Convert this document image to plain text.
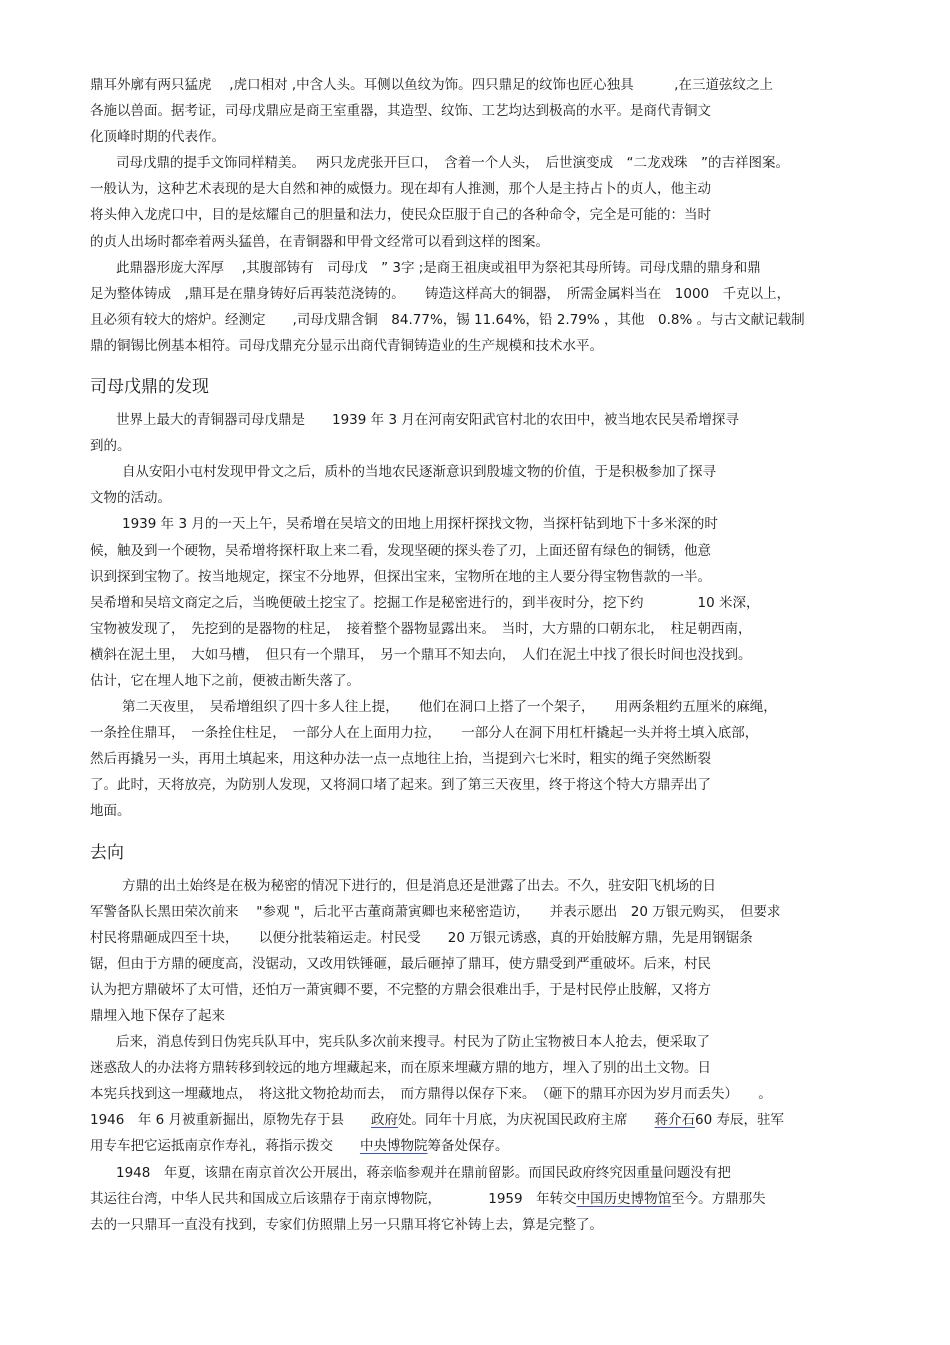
鼎耳外廓有两只猛虎　 ,虎口相对 ,中含人头。耳侧以鱼纹为饰。四只鼎足的纹饰也匠心独具　　　,在三道弦纹之上
各施以兽面。据考证，司母戊鼎应是商王室重器，其造型、纹饰、工艺均达到极高的水平。是商代青铜文
化顶峰时期的代表作。
司母戊鼎的提手文饰同样精美。　 两只龙虎张开巨口，　含着一个人头，　后世演变成　“二龙戏珠　”的吉祥图案。
一般认为，这种艺术表现的是大自然和神的威慑力。现在却有人推测，那个人是主持占卜的贞人，他主动
将头伸入龙虎口中，目的是炫耀自己的胆量和法力，使民众臣服于自己的各种命令，完全是可能的：当时
的贞人出场时都牵着两头猛兽，在青铜器和甲骨文经常可以看到这样的图案。
此鼎器形庞大浑厚　 ,其腹部铸有　司母戊　” 3字 ;是商王祖庚或祖甲为祭祀其母所铸。司母戊鼎的鼎身和鼎
足为整体铸成　,鼎耳是在鼎身铸好后再装范浇铸的。　　铸造这样高大的铜器，　所需金属料当在　1000　千克以上，
且必须有较大的熔炉。经测定　　,司母戊鼎含铜　84.77%，锡 11.64%，铅 2.79% ，其他　0.8% 。与古文献记载制
鼎的铜锡比例基本相符。司母戊鼎充分显示出商代青铜铸造业的生产规模和技术水平。
司母戊鼎的发现
世界上最大的青铜器司母戊鼎是　　1939 年 3 月在河南安阳武官村北的农田中，被当地农民吴希增探寻
到的。
自从安阳小屯村发现甲骨文之后，质朴的当地农民逐渐意识到殷墟文物的价值，于是积极参加了探寻
文物的活动。
1939 年 3 月的一天上午，吴希增在吴培文的田地上用探杆探找文物，当探杆钻到地下十多米深的时
候，触及到一个硬物，吴希增将探杆取上来二看，发现坚硬的探头卷了刃，上面还留有绿色的铜锈，他意
识到探到宝物了。按当地规定，探宝不分地界，但探出宝来，宝物所在地的主人要分得宝物售款的一半。
吴希增和吴培文商定之后，当晚便破土挖宝了。挖掘工作是秘密进行的，到半夜时分，挖下约　　　　10 米深，
宝物被发现了，　先挖到的是器物的柱足，　接着整个器物显露出来。　当时，大方鼎的口朝东北，　柱足朝西南，
横斜在泥土里，　大如马槽，　但只有一个鼎耳，　另一个鼎耳不知去向，　人们在泥土中找了很长时间也没找到。
估计，它在埋人地下之前，便被击断失落了。
第二天夜里，　吴希增组织了四十多人往上提，　　他们在洞口上搭了一个架子，　　用两条粗约五厘米的麻绳，
一条拴住鼎耳，　一条拴住柱足，　一部分人在上面用力拉，　　一部分人在洞下用杠杆撬起一头并将土填入底部，
然后再撬另一头，再用土填起来，用这种办法一点一点地往上抬，当提到六七米时，粗实的绳子突然断裂
了。此时，天将放亮，为防别人发现，又将洞口堵了起来。到了第三天夜里，终于将这个特大方鼎弄出了
地面。
去向
方鼎的出土始终是在极为秘密的情况下进行的，但是消息还是泄露了出去。不久，驻安阳飞机场的日
军警备队长黑田荣次前来　 "参观 "，后北平古董商萧寅卿也来秘密造访，　　并表示愿出　20 万银元购买，　但要求
村民将鼎砸成四至十块，　　以便分批装箱运走。村民受　　20 万银元诱惑，真的开始肢解方鼎，先是用钢锯条
锯，但由于方鼎的硬度高，没锯动，又改用铁锤砸，最后砸掉了鼎耳，使方鼎受到严重破坏。后来，村民
认为把方鼎破坏了太可惜，还怕万一萧寅卿不要，不完整的方鼎会很难出手，于是村民停止肢解，又将方
鼎埋入地下保存了起来
后来，消息传到日伪宪兵队耳中，宪兵队多次前来搜寻。村民为了防止宝物被日本人抢去，便采取了
迷惑敌人的办法将方鼎转移到较远的地方埋藏起来，而在原来埋藏方鼎的地方，埋入了别的出土文物。日
本宪兵找到这一埋藏地点，　将这批文物抢劫而去，　而方鼎得以保存下来。　（砸下的鼎耳亦因为岁月而丢失）　　。
1946　年 6 月被重新掘出，原物先存于县　　政府处。同年十月底，为庆祝国民政府主席　　蒋介石60 寿辰，驻军
用专车把它运抵南京作寿礼，蒋指示拨交　　中央博物院筹备处保存。
1948　年夏，该鼎在南京首次公开展出，蒋亲临参观并在鼎前留影。而国民政府终究因重量问题没有把
其运往台湾，中华人民共和国成立后该鼎存于南京博物院，　　　　1959　年转交中国历史博物馆至今。方鼎那失
去的一只鼎耳一直没有找到，专家们仿照鼎上另一只鼎耳将它补铸上去，算是完整了。
